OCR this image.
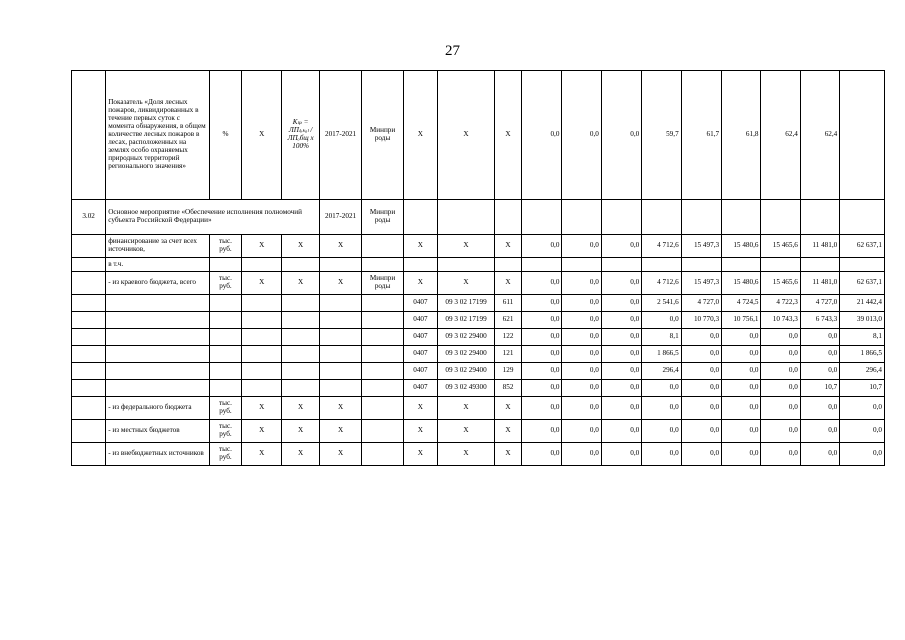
27
	Показатель «Доля лесных пожаров, ликвидированных в течение первых суток с момента обнаружения, в общем количестве лесных пожаров в лесах, расположенных на землях особо охраняемых природных территорий регионального значения»	%	X	Kₗₚ = ЛПₗₒₖₐₗ / ЛПₒбщ x 100%	2017-2021	Минпри роды	X	X	X	0,0	0,0	0,0	59,7	61,7	61,8	62,4	62,4	
3.02	Основное мероприятие «Обеспечение исполнения полномочий субъекта Российской Федерации»				2017-2021	Минпри роды												
	финансирование за счет всех источников,	тыс. руб.	X	X	X		X	X	X	0,0	0,0	0,0	4 712,6	15 497,3	15 480,6	15 465,6	11 481,0	62 637,1
	в т.ч.																	
	- из краевого бюджета, всего	тыс. руб.	X	X	X	Минпри роды	X	X	X	0,0	0,0	0,0	4 712,6	15 497,3	15 480,6	15 465,6	11 481,0	62 637,1
							0407	09 3 02 17199	611	0,0	0,0	0,0	2 541,6	4 727,0	4 724,5	4 722,3	4 727,0	21 442,4
							0407	09 3 02 17199	621	0,0	0,0	0,0	0,0	10 770,3	10 756,1	10 743,3	6 743,3	39 013,0
							0407	09 3 02 29400	122	0,0	0,0	0,0	8,1	0,0	0,0	0,0	0,0	8,1
							0407	09 3 02 29400	121	0,0	0,0	0,0	1 866,5	0,0	0,0	0,0	0,0	1 866,5
							0407	09 3 02 29400	129	0,0	0,0	0,0	296,4	0,0	0,0	0,0	0,0	296,4
							0407	09 3 02 49300	852	0,0	0,0	0,0	0,0	0,0	0,0	0,0	10,7	10,7
	- из федерального бюджета	тыс. руб.	X	X	X		X	X	X	0,0	0,0	0,0	0,0	0,0	0,0	0,0	0,0	0,0
	- из местных бюджетов	тыс. руб.	X	X	X		X	X	X	0,0	0,0	0,0	0,0	0,0	0,0	0,0	0,0	0,0
	- из внебюджетных источников	тыс. руб.	X	X	X		X	X	X	0,0	0,0	0,0	0,0	0,0	0,0	0,0	0,0	0,0
